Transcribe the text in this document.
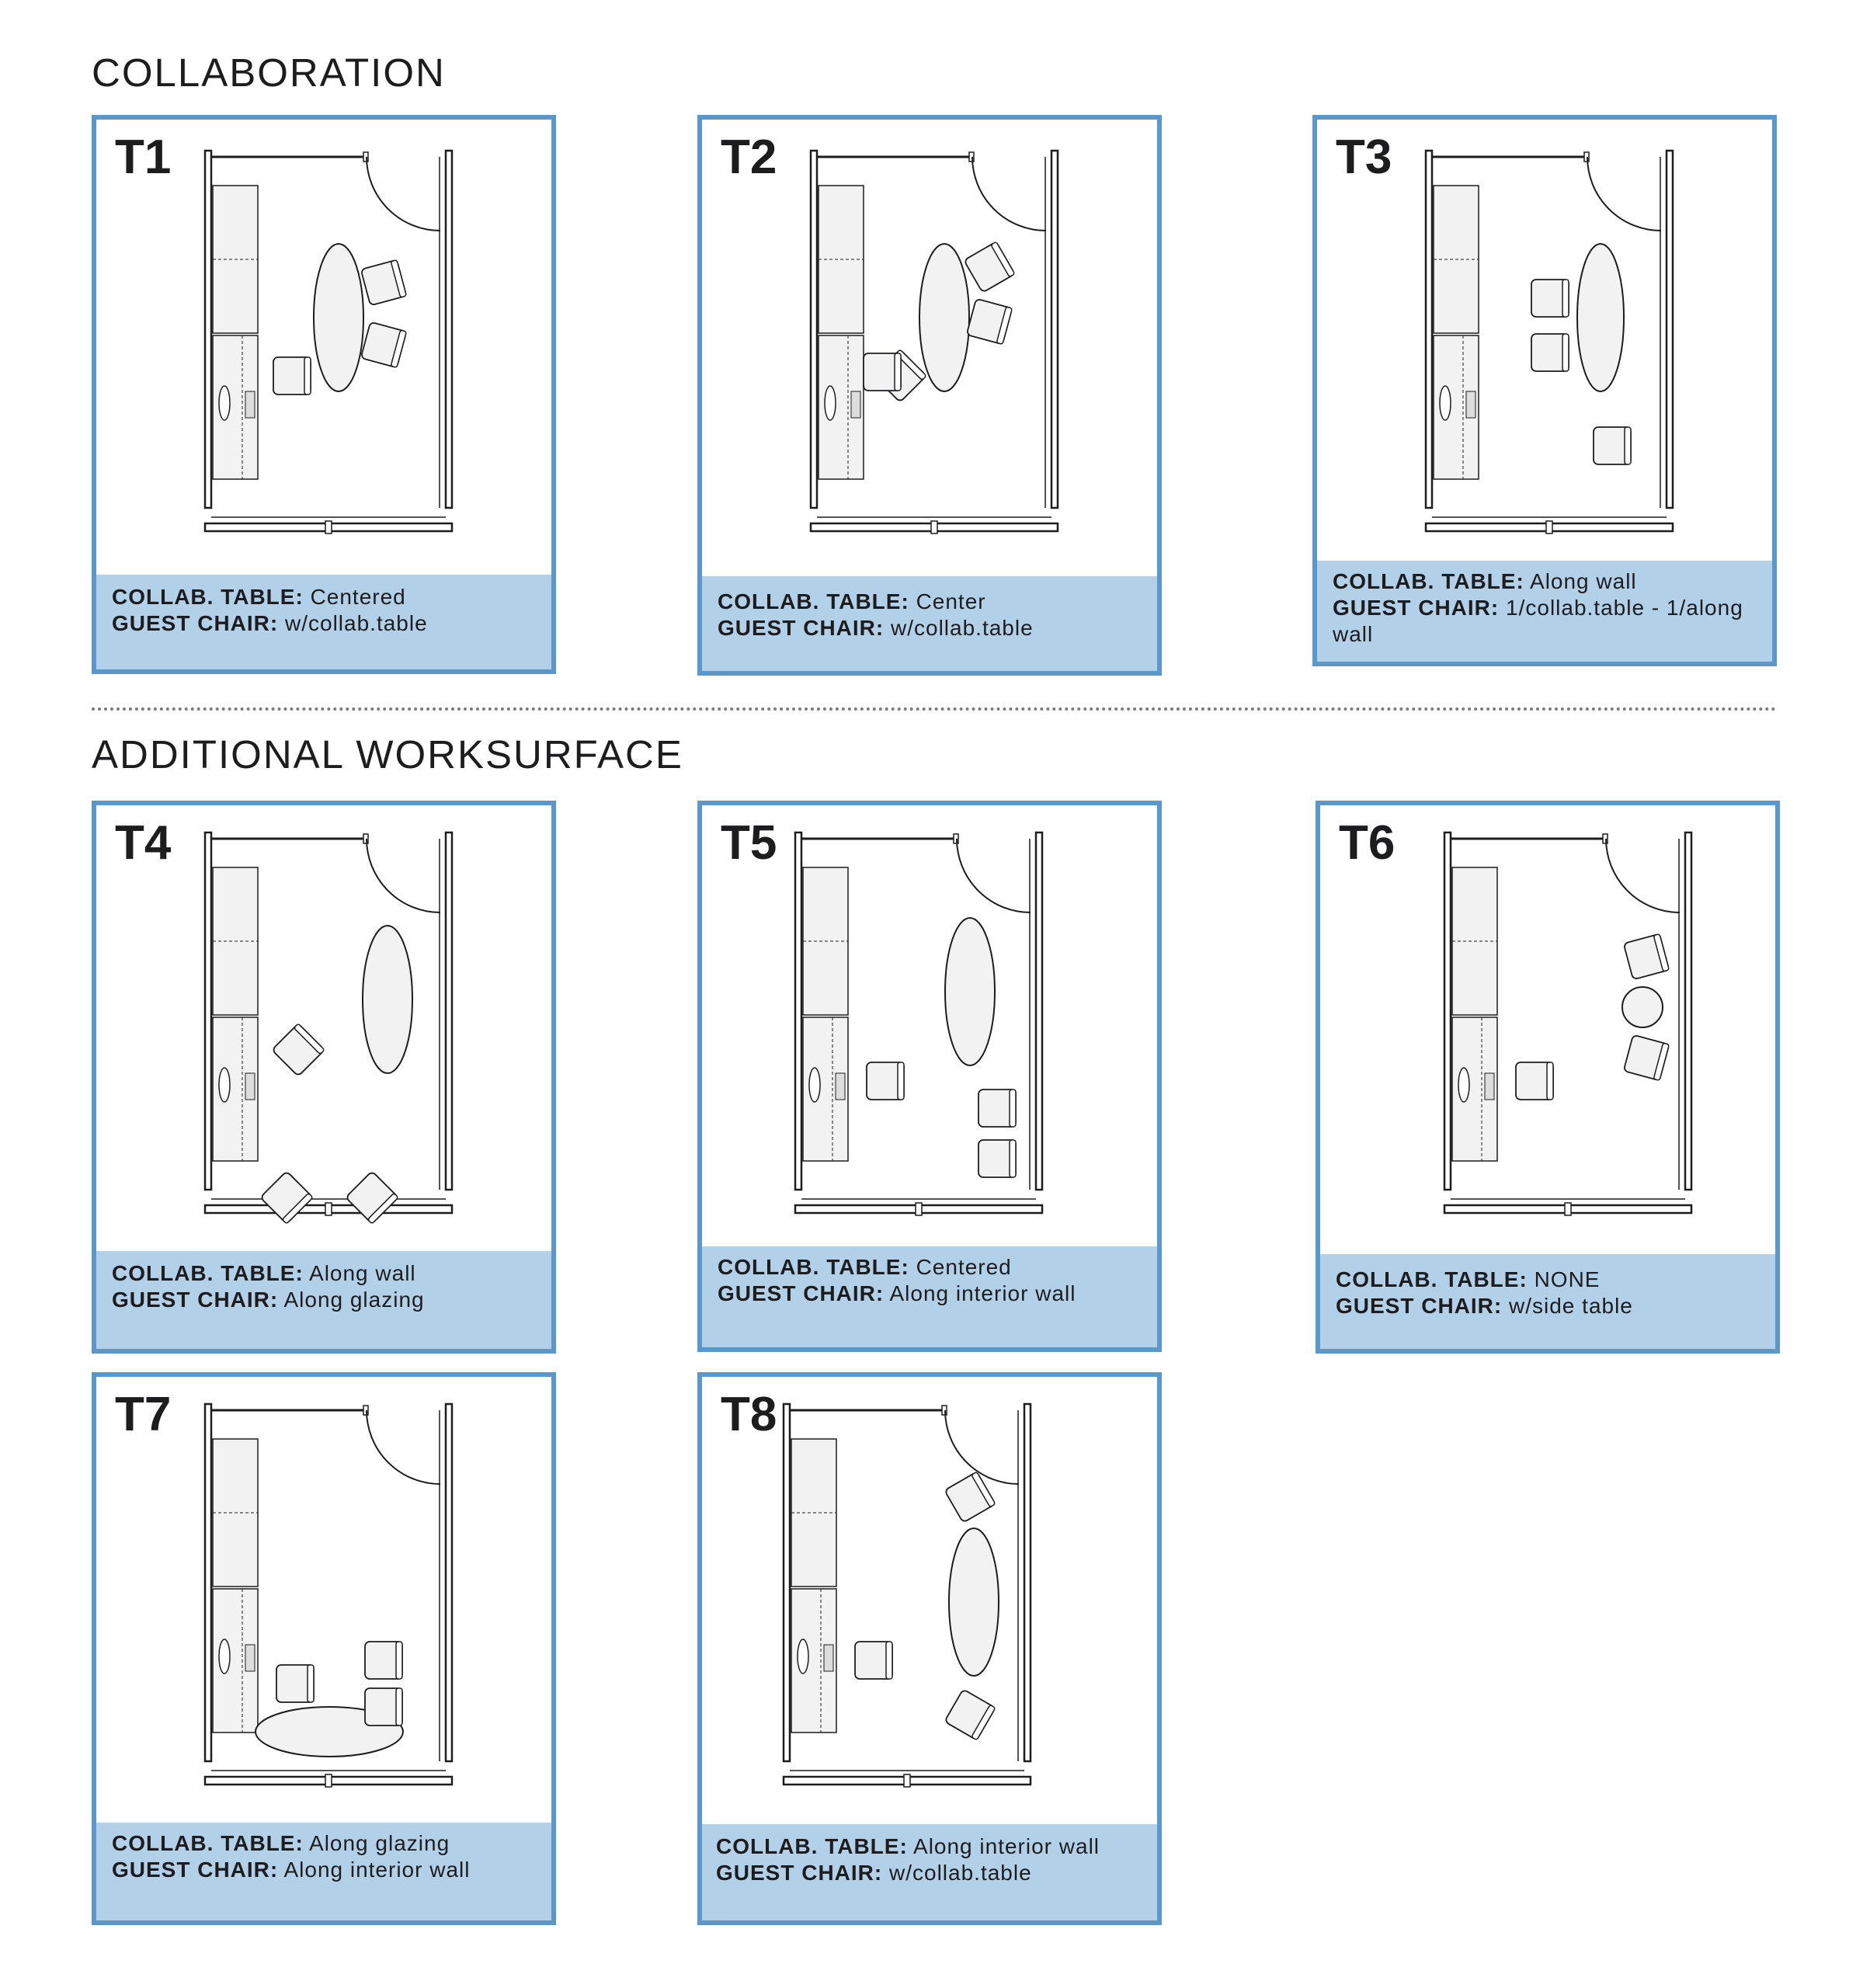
COLLABORATION
ADDITIONAL WORKSURFACE
T1
COLLAB. TABLE: Centered
GUEST CHAIR: w/collab.table
T2
COLLAB. TABLE: Center
GUEST CHAIR: w/collab.table
T3
COLLAB. TABLE: Along wall
GUEST CHAIR: 1/collab.table - 1/along wall
T4
COLLAB. TABLE: Along wall
GUEST CHAIR: Along glazing
T5
COLLAB. TABLE: Centered
GUEST CHAIR: Along interior wall
T6
COLLAB. TABLE: NONE
GUEST CHAIR: w/side table
T7
COLLAB. TABLE: Along glazing
GUEST CHAIR: Along interior wall
T8
COLLAB. TABLE: Along interior wall
GUEST CHAIR: w/collab.table
